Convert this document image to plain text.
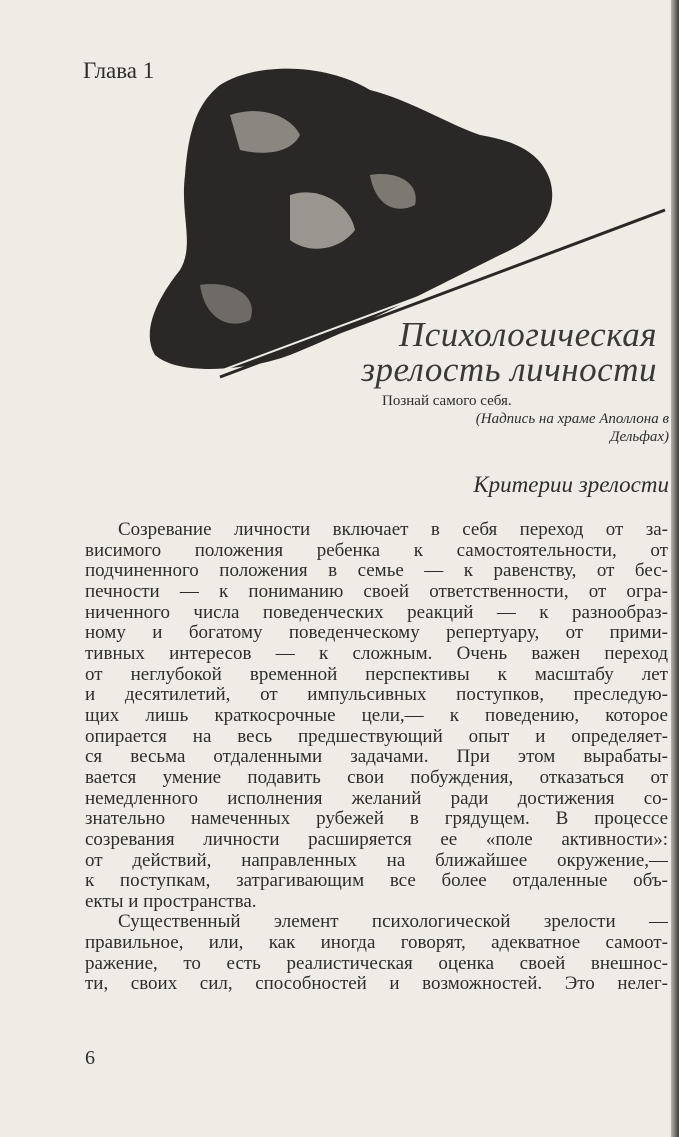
Глава 1
Психологическая
зрелость личности
Познай самого себя.
(Надпись на храме Аполлона в
Дельфах)
Критерии зрелости
Созревание личности включает в себя переход от за-
висимого положения ребенка к самостоятельности, от
подчиненного положения в семье — к равенству, от бес-
печности — к пониманию своей ответственности, от огра-
ниченного числа поведенческих реакций — к разнообраз-
ному и богатому поведенческому репертуару, от прими-
тивных интересов — к сложным. Очень важен переход
от неглубокой временной перспективы к масштабу лет
и десятилетий, от импульсивных поступков, преследую-
щих лишь краткосрочные цели,— к поведению, которое
опирается на весь предшествующий опыт и определяет-
ся весьма отдаленными задачами. При этом вырабаты-
вается умение подавить свои побуждения, отказаться от
немедленного исполнения желаний ради достижения со-
знательно намеченных рубежей в грядущем. В процессе
созревания личности расширяется ее «поле активности»:
от действий, направленных на ближайшее окружение,—
к поступкам, затрагивающим все более отдаленные объ-
екты и пространства.
Существенный элемент психологической зрелости —
правильное, или, как иногда говорят, адекватное самоот-
ражение, то есть реалистическая оценка своей внешнос-
ти, своих сил, способностей и возможностей. Это нелег-
6
